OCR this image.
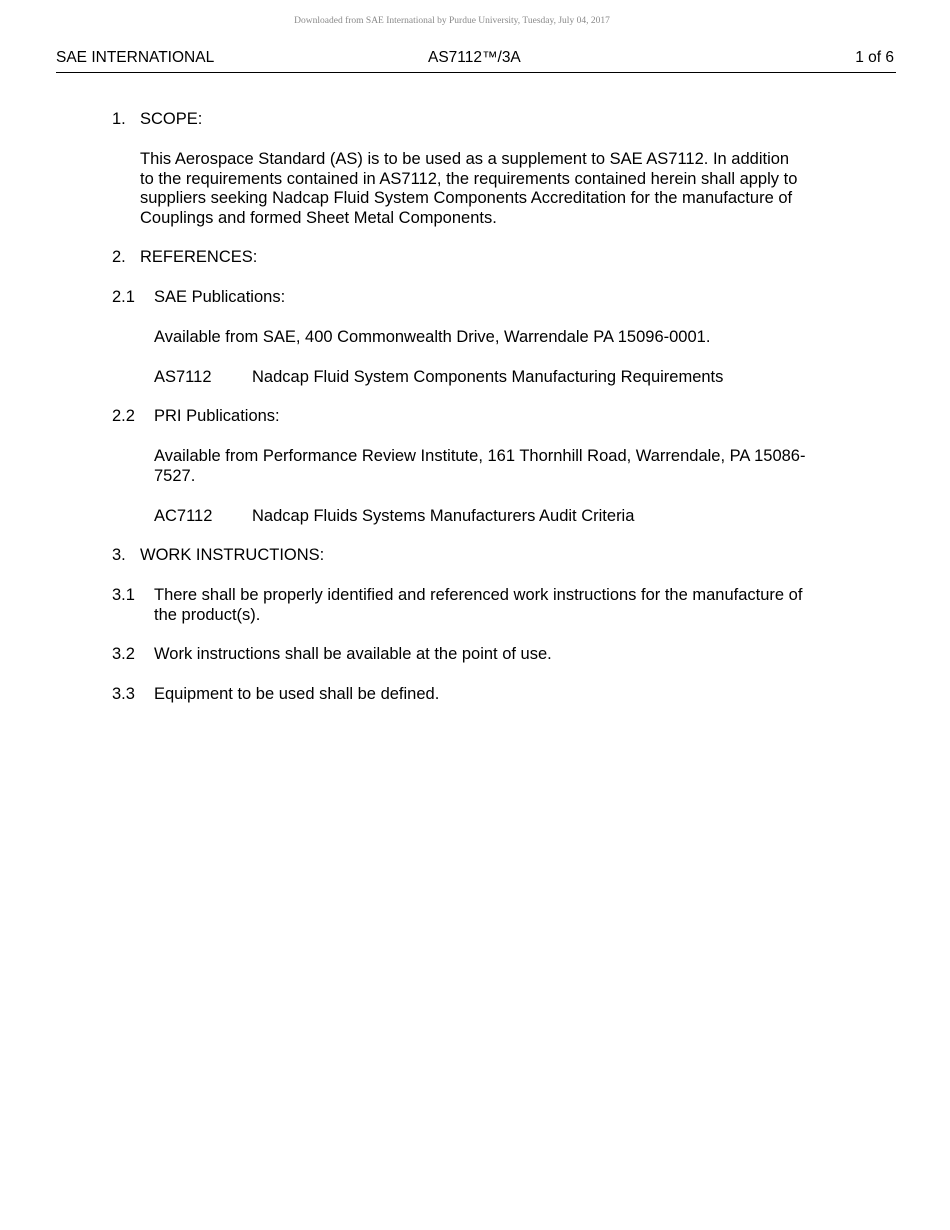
Downloaded from SAE International by Purdue University, Tuesday, July 04, 2017
SAE INTERNATIONAL	AS7112™/3A	1 of 6
1. SCOPE:
This Aerospace Standard (AS) is to be used as a supplement to SAE AS7112. In addition
to the requirements contained in AS7112, the requirements contained herein shall apply to
suppliers seeking Nadcap Fluid System Components Accreditation for the manufacture of
Couplings and formed Sheet Metal Components.
2. REFERENCES:
2.1 SAE Publications:
Available from SAE, 400 Commonwealth Drive, Warrendale PA 15096-0001.
AS7112 Nadcap Fluid System Components Manufacturing Requirements
2.2 PRI Publications:
Available from Performance Review Institute, 161 Thornhill Road, Warrendale, PA 15086-
7527.
AC7112 Nadcap Fluids Systems Manufacturers Audit Criteria
3. WORK INSTRUCTIONS:
3.1 There shall be properly identified and referenced work instructions for the manufacture of
the product(s).
3.2 Work instructions shall be available at the point of use.
3.3 Equipment to be used shall be defined.
